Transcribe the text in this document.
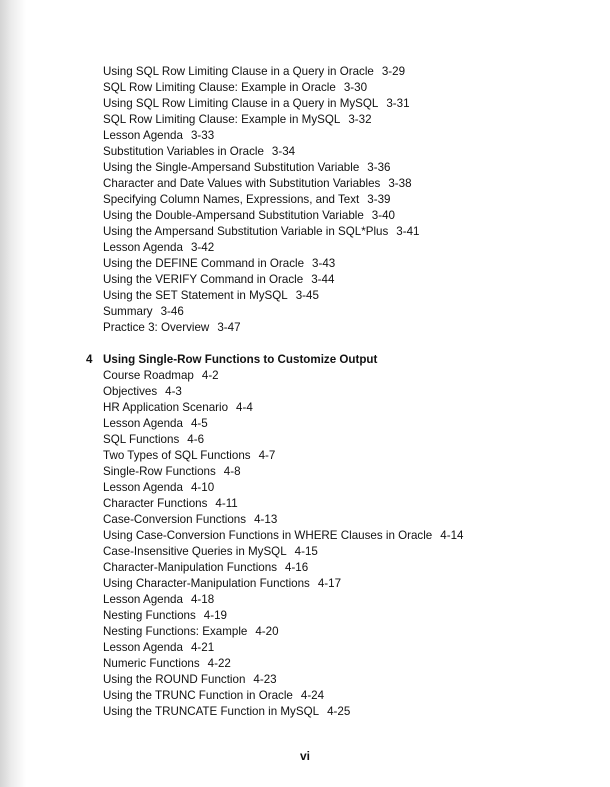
Using SQL Row Limiting Clause in a Query in Oracle 3-29
SQL Row Limiting Clause: Example in Oracle 3-30
Using SQL Row Limiting Clause in a Query in MySQL 3-31
SQL Row Limiting Clause: Example in MySQL 3-32
Lesson Agenda 3-33
Substitution Variables in Oracle 3-34
Using the Single-Ampersand Substitution Variable 3-36
Character and Date Values with Substitution Variables 3-38
Specifying Column Names, Expressions, and Text 3-39
Using the Double-Ampersand Substitution Variable 3-40
Using the Ampersand Substitution Variable in SQL*Plus 3-41
Lesson Agenda 3-42
Using the DEFINE Command in Oracle 3-43
Using the VERIFY Command in Oracle 3-44
Using the SET Statement in MySQL 3-45
Summary 3-46
Practice 3: Overview 3-47
4 Using Single-Row Functions to Customize Output
Course Roadmap 4-2
Objectives 4-3
HR Application Scenario 4-4
Lesson Agenda 4-5
SQL Functions 4-6
Two Types of SQL Functions 4-7
Single-Row Functions 4-8
Lesson Agenda 4-10
Character Functions 4-11
Case-Conversion Functions 4-13
Using Case-Conversion Functions in WHERE Clauses in Oracle 4-14
Case-Insensitive Queries in MySQL 4-15
Character-Manipulation Functions 4-16
Using Character-Manipulation Functions 4-17
Lesson Agenda 4-18
Nesting Functions 4-19
Nesting Functions: Example 4-20
Lesson Agenda 4-21
Numeric Functions 4-22
Using the ROUND Function 4-23
Using the TRUNC Function in Oracle 4-24
Using the TRUNCATE Function in MySQL 4-25
vi
